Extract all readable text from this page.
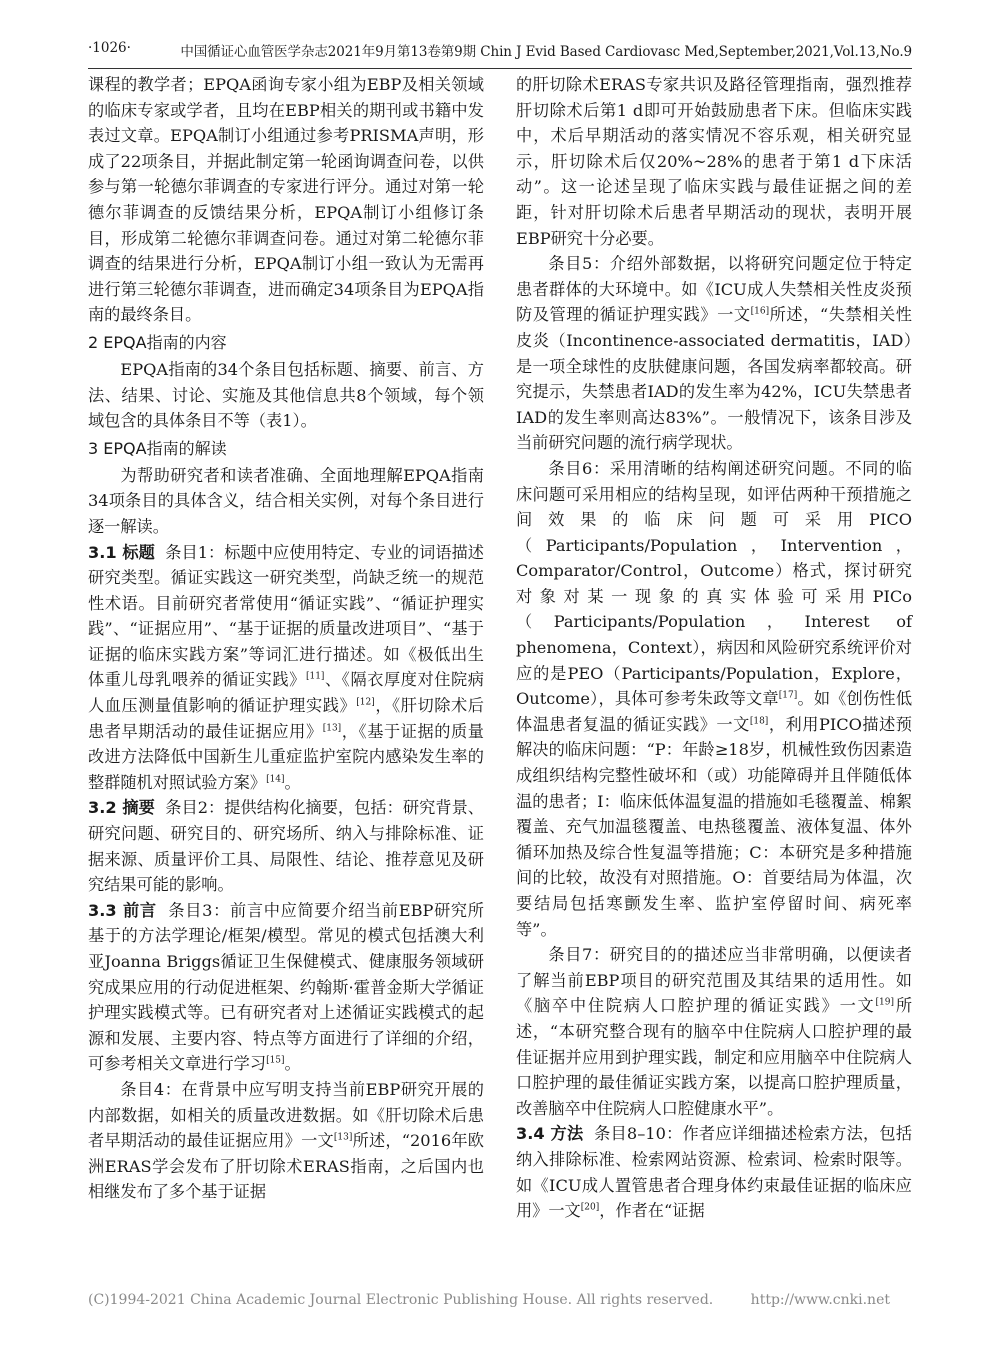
·1026·	中国循证心血管医学杂志2021年9月第13卷第9期 Chin J Evid Based Cardiovasc Med,September,2021,Vol.13,No.9

课程的教学者；EPQA函询专家小组为EBP及相关领域的临床专家或学者，且均在EBP相关的期刊或书籍中发表过文章。EPQA制订小组通过参考PRISMA声明，形成了22项条目，并据此制定第一轮函询调查问卷，以供参与第一轮德尔菲调查的专家进行评分。通过对第一轮德尔菲调查的反馈结果分析，EPQA制订小组修订条目，形成第二轮德尔菲调查问卷。通过对第二轮德尔菲调查的结果进行分析，EPQA制订小组一致认为无需再进行第三轮德尔菲调查，进而确定34项条目为EPQA指南的最终条目。

2 EPQA指南的内容

EPQA指南的34个条目包括标题、摘要、前言、方法、结果、讨论、实施及其他信息共8个领域，每个领域包含的具体条目不等（表1）。

3 EPQA指南的解读

为帮助研究者和读者准确、全面地理解EPQA指南34项条目的具体含义，结合相关实例，对每个条目进行逐一解读。

3.1 标题 条目1：标题中应使用特定、专业的词语描述研究类型。循证实践这一研究类型，尚缺乏统一的规范性术语。目前研究者常使用“循证实践”、“循证护理实践”、“证据应用”、“基于证据的质量改进项目”、“基于证据的临床实践方案”等词汇进行描述。如《极低出生体重儿母乳喂养的循证实践》[11]、《隔衣厚度对住院病人血压测量值影响的循证护理实践》[12]，《肝切除术后患者早期活动的最佳证据应用》[13]，《基于证据的质量改进方法降低中国新生儿重症监护室院内感染发生率的整群随机对照试验方案》[14]。

3.2 摘要 条目2：提供结构化摘要，包括：研究背景、研究问题、研究目的、研究场所、纳入与排除标准、证据来源、质量评价工具、局限性、结论、推荐意见及研究结果可能的影响。

3.3 前言 条目3：前言中应简要介绍当前EBP研究所基于的方法学理论/框架/模型。常见的模式包括澳大利亚Joanna Briggs循证卫生保健模式、健康服务领域研究成果应用的行动促进框架、约翰斯·霍普金斯大学循证护理实践模式等。已有研究者对上述循证实践模式的起源和发展、主要内容、特点等方面进行了详细的介绍，可参考相关文章进行学习[15]。

条目4：在背景中应写明支持当前EBP研究开展的内部数据，如相关的质量改进数据。如《肝切除术后患者早期活动的最佳证据应用》一文[13]所述，“2016年欧洲ERAS学会发布了肝切除术ERAS指南，之后国内也相继发布了多个基于证据

的肝切除术ERAS专家共识及路径管理指南，强烈推荐肝切除术后第1 d即可开始鼓励患者下床。但临床实践中，术后早期活动的落实情况不容乐观，相关研究显示，肝切除术后仅20%~28%的患者于第1 d下床活动”。这一论述呈现了临床实践与最佳证据之间的差距，针对肝切除术后患者早期活动的现状，表明开展EBP研究十分必要。

条目5：介绍外部数据，以将研究问题定位于特定患者群体的大环境中。如《ICU成人失禁相关性皮炎预防及管理的循证护理实践》一文[16]所述，“失禁相关性皮炎（Incontinence-associated dermatitis，IAD）是一项全球性的皮肤健康问题，各国发病率都较高。研究提示，失禁患者IAD的发生率为42%，ICU失禁患者IAD的发生率则高达83%”。一般情况下，该条目涉及当前研究问题的流行病学现状。

条目6：采用清晰的结构阐述研究问题。不同的临床问题可采用相应的结构呈现，如评估两种干预措施之间效果的临床问题可采用PICO（Participants/Population，Intervention，Comparator/Control，Outcome）格式，探讨研究对象对某一现象的真实体验可采用PICo（Participants/Population，Interest of phenomena，Context），病因和风险研究系统评价对应的是PEO（Participants/Population，Explore，Outcome），具体可参考朱政等文章[17]。如《创伤性低体温患者复温的循证实践》一文[18]，利用PICO描述预解决的临床问题：“P：年龄≥18岁，机械性致伤因素造成组织结构完整性破坏和（或）功能障碍并且伴随低体温的患者；I：临床低体温复温的措施如毛毯覆盖、棉絮覆盖、充气加温毯覆盖、电热毯覆盖、液体复温、体外循环加热及综合性复温等措施；C：本研究是多种措施间的比较，故没有对照措施。O：首要结局为体温，次要结局包括寒颤发生率、监护室停留时间、病死率等”。

条目7：研究目的的描述应当非常明确，以便读者了解当前EBP项目的研究范围及其结果的适用性。如《脑卒中住院病人口腔护理的循证实践》一文[19]所述，“本研究整合现有的脑卒中住院病人口腔护理的最佳证据并应用到护理实践，制定和应用脑卒中住院病人口腔护理的最佳循证实践方案，以提高口腔护理质量，改善脑卒中住院病人口腔健康水平”。

3.4 方法 条目8–10：作者应详细描述检索方法，包括纳入排除标准、检索网站资源、检索词、检索时限等。如《ICU成人置管患者合理身体约束最佳证据的临床应用》一文[20]，作者在“证据

(C)1994-2021 China Academic Journal Electronic Publishing House. All rights reserved.	http://www.cnki.net
